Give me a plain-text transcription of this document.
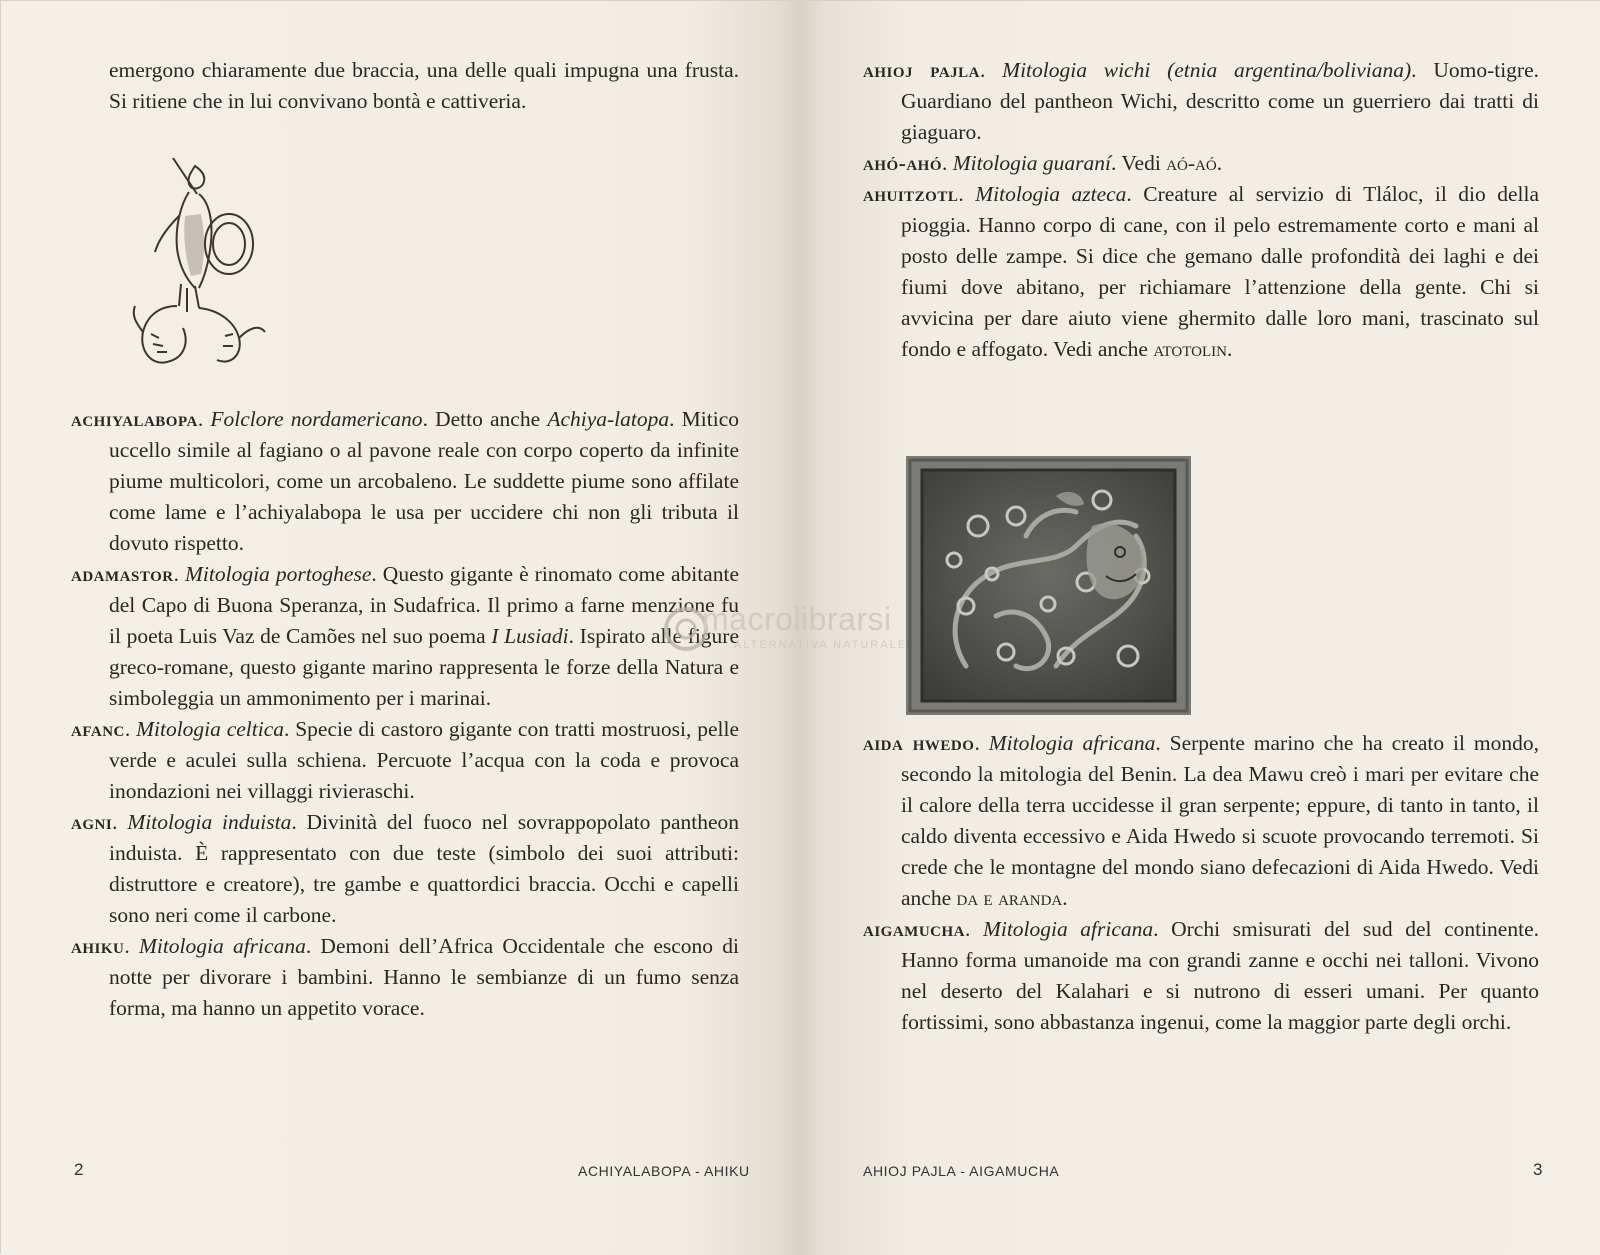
emergono chiaramente due braccia, una delle quali impugna una frusta. Si ritiene che in lui convivano bontà e cattiveria.

achiyalabopa. Folclore nordamericano. Detto anche Achiya-latopa. Mitico uccello simile al fagiano o al pavone reale con corpo coperto da infinite piume multicolori, come un arcobaleno. Le suddette piume sono affilate come lame e l’achiyalabopa le usa per uccidere chi non gli tributa il dovuto rispetto.

adamastor. Mitologia portoghese. Questo gigante è rinomato come abitante del Capo di Buona Speranza, in Sudafrica. Il primo a farne menzione fu il poeta Luis Vaz de Camões nel suo poema I Lusiadi. Ispirato alle figure greco-romane, questo gigante marino rappresenta le forze della Natura e simboleggia un ammonimento per i marinai.

afanc. Mitologia celtica. Specie di castoro gigante con tratti mostruosi, pelle verde e aculei sulla schiena. Percuote l’acqua con la coda e provoca inondazioni nei villaggi rivieraschi.

agni. Mitologia induista. Divinità del fuoco nel sovrappopolato pantheon induista. È rappresentato con due teste (simbolo dei suoi attributi: distruttore e creatore), tre gambe e quattordici braccia. Occhi e capelli sono neri come il carbone.

ahiku. Mitologia africana. Demoni dell’Africa Occidentale che escono di notte per divorare i bambini. Hanno le sembianze di un fumo senza forma, ma hanno un appetito vorace.

2	ACHIYALABOPA - AHIKU

ahioj pajla. Mitologia wichi (etnia argentina/boliviana). Uomo-tigre. Guardiano del pantheon Wichi, descritto come un guerriero dai tratti di giaguaro.

ahó-ahó. Mitologia guaraní. Vedi aó-aó.

ahuitzotl. Mitologia azteca. Creature al servizio di Tláloc, il dio della pioggia. Hanno corpo di cane, con il pelo estremamente corto e mani al posto delle zampe. Si dice che gemano dalle profondità dei laghi e dei fiumi dove abitano, per richiamare l’attenzione della gente. Chi si avvicina per dare aiuto viene ghermito dalle loro mani, trascinato sul fondo e affogato. Vedi anche atotolin.

aida hwedo. Mitologia africana. Serpente marino che ha creato il mondo, secondo la mitologia del Benin. La dea Mawu creò i mari per evitare che il calore della terra uccidesse il gran serpente; eppure, di tanto in tanto, il caldo diventa eccessivo e Aida Hwedo si scuote provocando terremoti. Si crede che le montagne del mondo siano defecazioni di Aida Hwedo. Vedi anche da e aranda.

aigamucha. Mitologia africana. Orchi smisurati del sud del continente. Hanno forma umanoide ma con grandi zanne e occhi nei talloni. Vivono nel deserto del Kalahari e si nutrono di esseri umani. Per quanto fortissimi, sono abbastanza ingenui, come la maggior parte degli orchi.

AHIOJ PAJLA - AIGAMUCHA	3
macrolibrarsi
ALTERNATIVA NATURALE
